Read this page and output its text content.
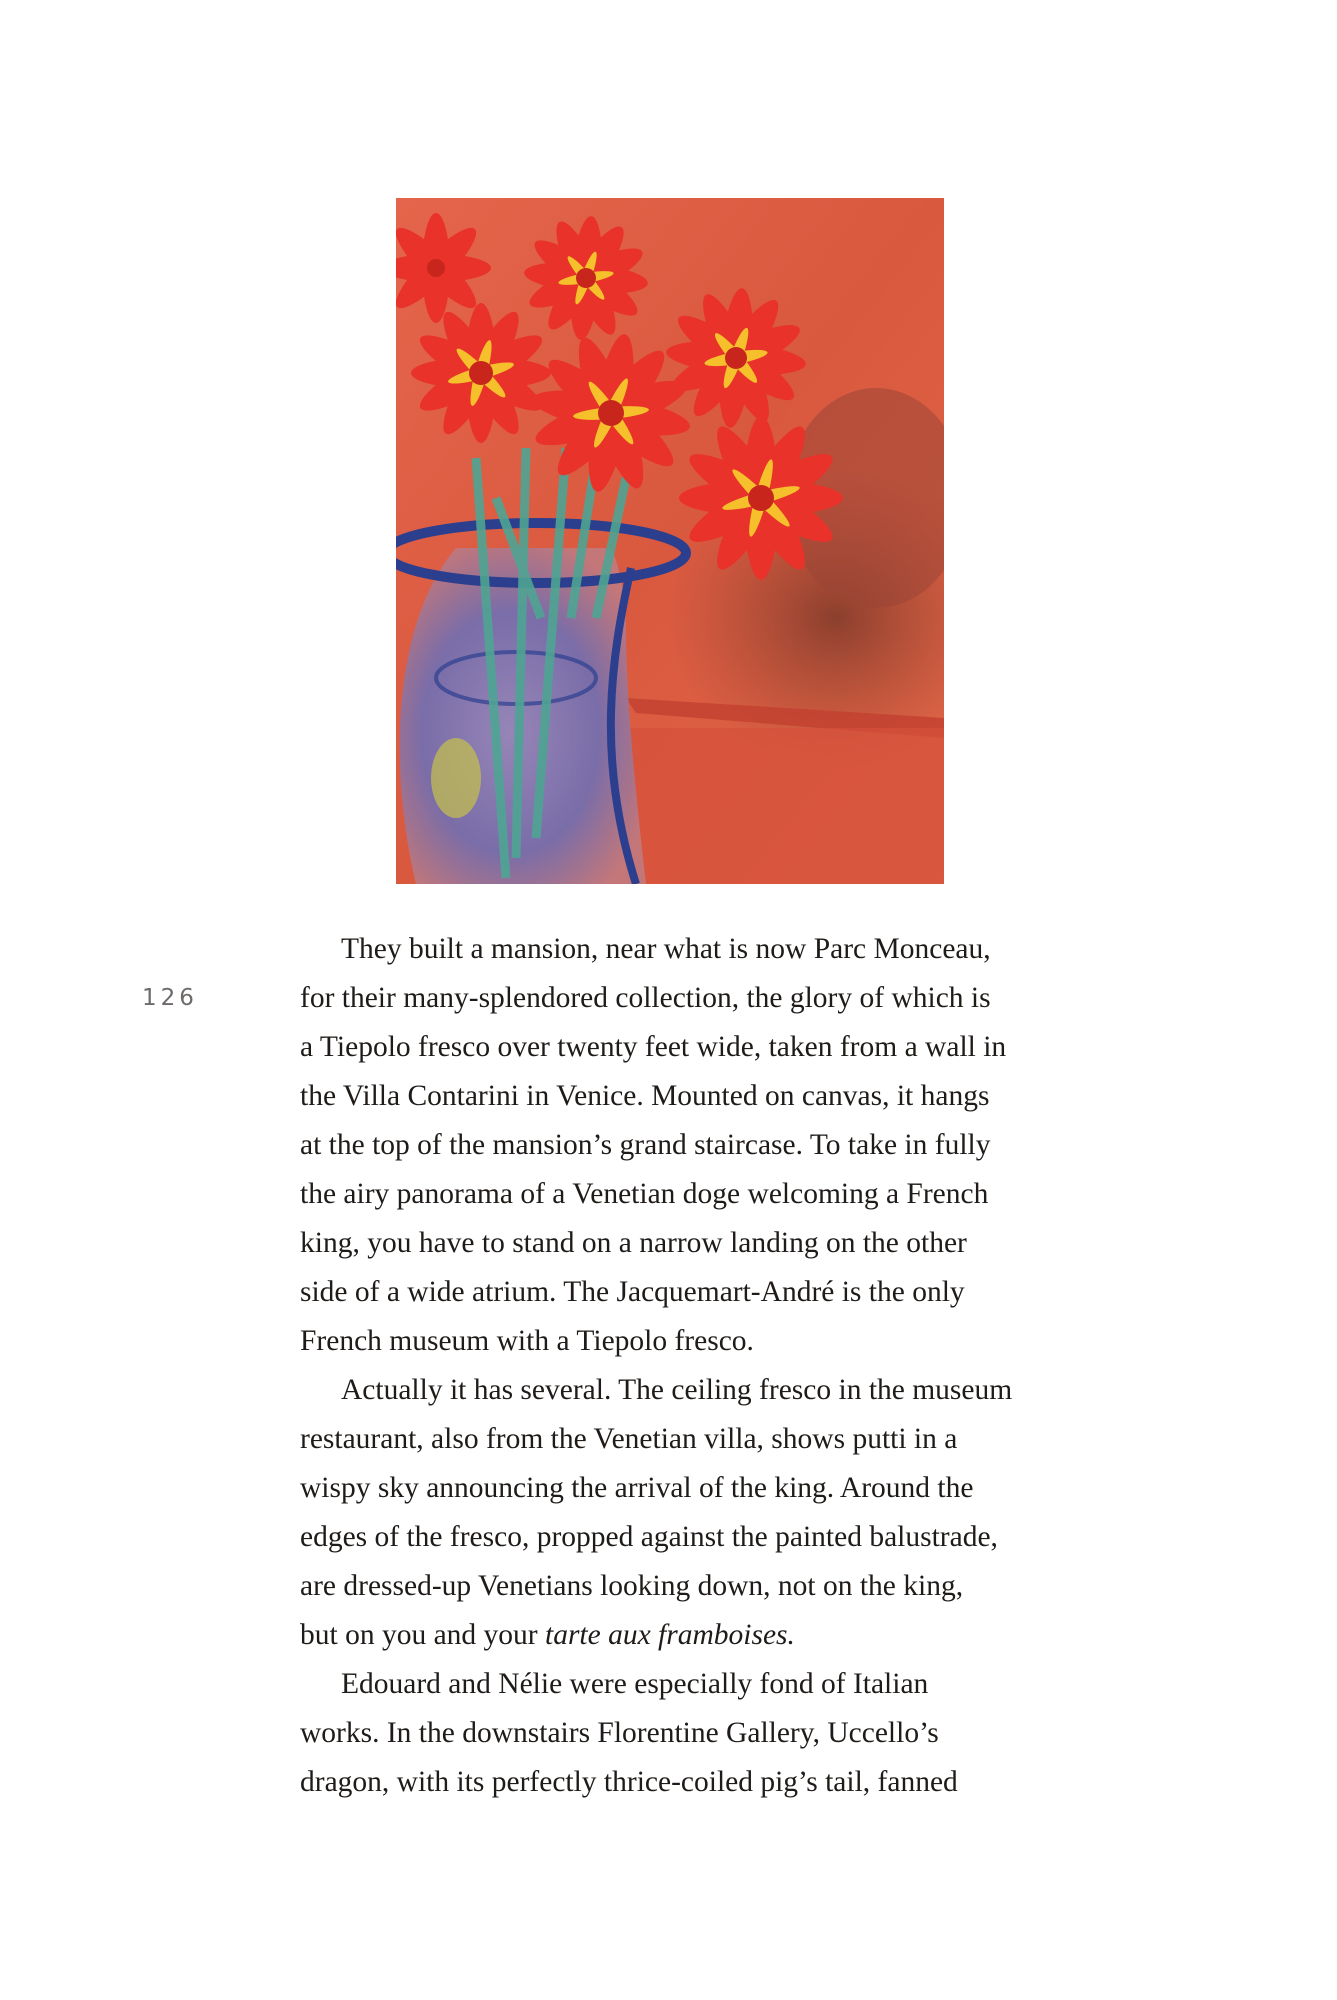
126

They built a mansion, near what is now Parc Monceau,
for their many-splendored collection, the glory of which is
a Tiepolo fresco over twenty feet wide, taken from a wall in
the Villa Contarini in Venice. Mounted on canvas, it hangs
at the top of the mansion’s grand staircase. To take in fully
the airy panorama of a Venetian doge welcoming a French
king, you have to stand on a narrow landing on the other
side of a wide atrium. The Jacquemart-André is the only
French museum with a Tiepolo fresco.

Actually it has several. The ceiling fresco in the museum
restaurant, also from the Venetian villa, shows putti in a
wispy sky announcing the arrival of the king. Around the
edges of the fresco, propped against the painted balustrade,
are dressed-up Venetians looking down, not on the king,
but on you and your tarte aux framboises.

Edouard and Nélie were especially fond of Italian
works. In the downstairs Florentine Gallery, Uccello’s
dragon, with its perfectly thrice-coiled pig’s tail, fanned
